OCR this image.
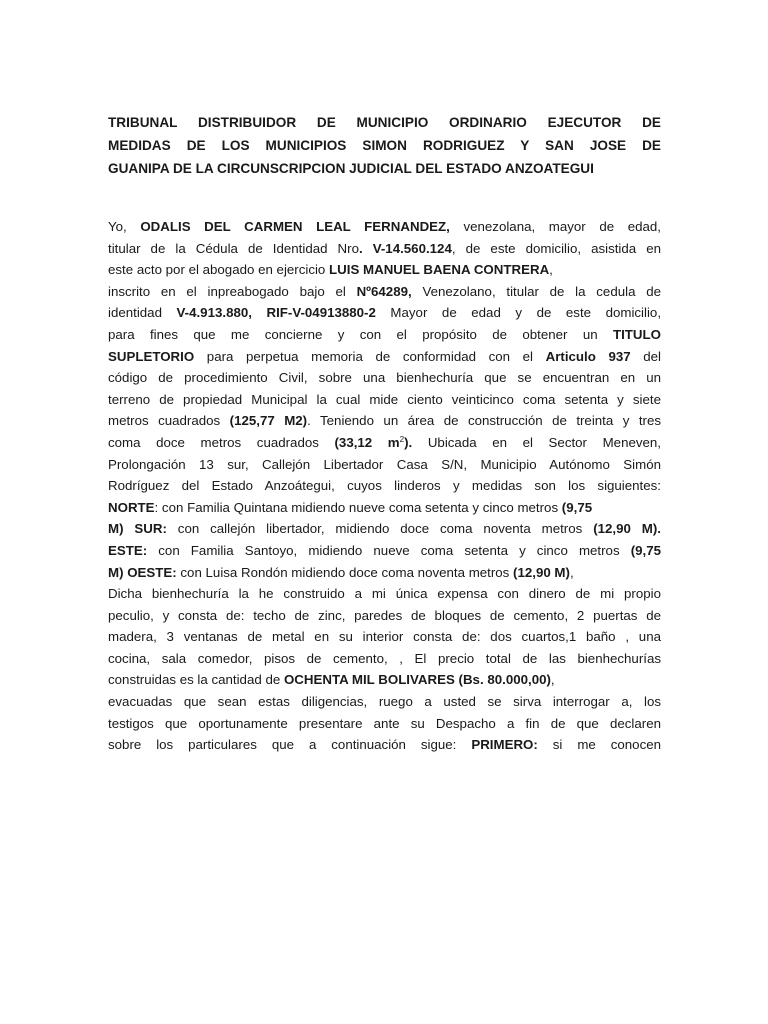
TRIBUNAL DISTRIBUIDOR DE MUNICIPIO ORDINARIO EJECUTOR DE
MEDIDAS DE LOS MUNICIPIOS SIMON RODRIGUEZ Y SAN JOSE DE
GUANIPA DE LA CIRCUNSCRIPCION JUDICIAL DEL ESTADO ANZOATEGUI
Yo, ODALIS DEL CARMEN LEAL FERNANDEZ, venezolana, mayor de edad,
titular de la Cédula de Identidad Nro. V-14.560.124, de este domicilio, asistida en
este acto por el abogado en ejercicio LUIS MANUEL BAENA CONTRERA,
inscrito en el inpreabogado bajo el Nº64289, Venezolano, titular de la cedula de
identidad V-4.913.880, RIF-V-04913880-2 Mayor de edad y de este domicilio,
para fines que me concierne y con el propósito de obtener un TITULO
SUPLETORIO para perpetua memoria de conformidad con el Articulo 937 del
código de procedimiento Civil, sobre una bienhechuría que se encuentran en un
terreno de propiedad Municipal la cual mide ciento veinticinco coma setenta y siete
metros cuadrados (125,77 M2). Teniendo un área de construcción de treinta y tres
coma doce metros cuadrados (33,12 $m^2$). Ubicada en el Sector Meneven,
Prolongación 13 sur, Callejón Libertador Casa S/N, Municipio Autónomo Simón
Rodríguez del Estado Anzoátegui, cuyos linderos y medidas son los siguientes:
NORTE: con Familia Quintana midiendo nueve coma setenta y cinco metros (9,75
M) SUR: con callejón libertador, midiendo doce coma noventa metros (12,90 M).
ESTE: con Familia Santoyo, midiendo nueve coma setenta y cinco metros (9,75
M) OESTE: con Luisa Rondón midiendo doce coma noventa metros (12,90 M),
Dicha bienhechuría la he construido a mi única expensa con dinero de mi propio
peculio, y consta de: techo de zinc, paredes de bloques de cemento, 2 puertas de
madera, 3 ventanas de metal en su interior consta de: dos cuartos,1 baño , una
cocina, sala comedor, pisos de cemento, , El precio total de las bienhechurías
construidas es la cantidad de OCHENTA MIL BOLIVARES (Bs. 80.000,00),
evacuadas que sean estas diligencias, ruego a usted se sirva interrogar a, los
testigos que oportunamente presentare ante su Despacho a fin de que declaren
sobre los particulares que a continuación sigue: PRIMERO: si me conocen
